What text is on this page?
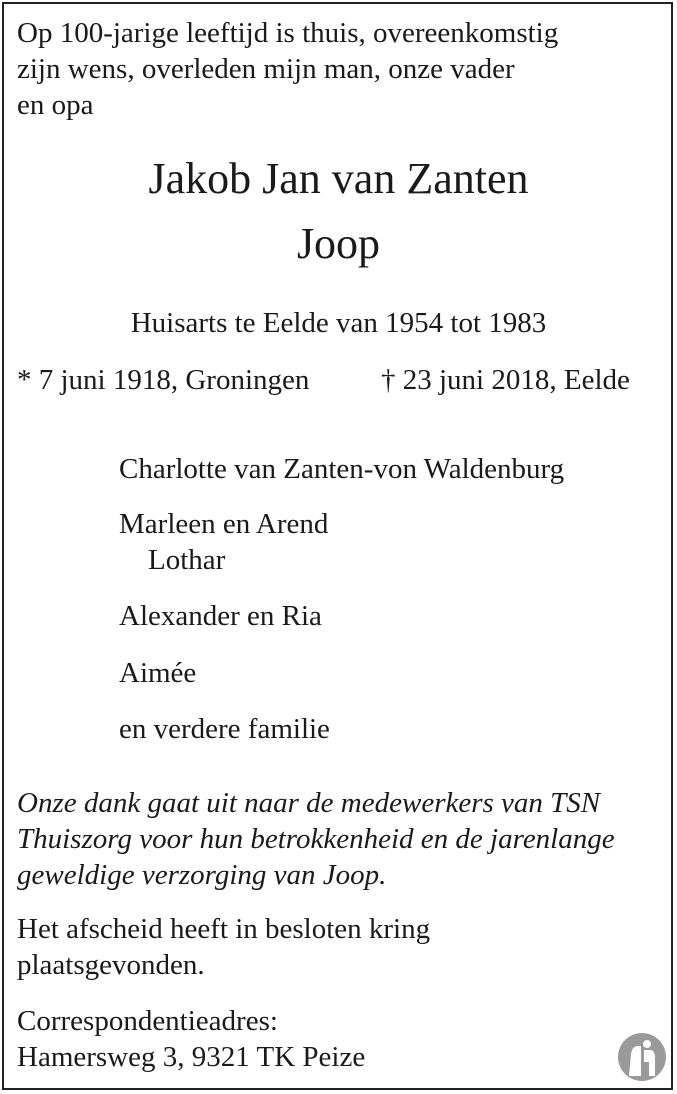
Op 100-jarige leeftijd is thuis, overeenkomstig
zijn wens, overleden mijn man, onze vader
en opa

Jakob Jan van Zanten

Joop

Huisarts te Eelde van 1954 tot 1983

* 7 juni 1918, Groningen † 23 juni 2018, Eelde

Charlotte van Zanten-von Waldenburg

Marleen en Arend

Lothar

Alexander en Ria

Aimée

en verdere familie

Onze dank gaat uit naar de medewerkers van TSN
Thuiszorg voor hun betrokkenheid en de jarenlange
geweldige verzorging van Joop.

Het afscheid heeft in besloten kring
plaatsgevonden.

Correspondentieadres:
Hamersweg 3, 9321 TK Peize
